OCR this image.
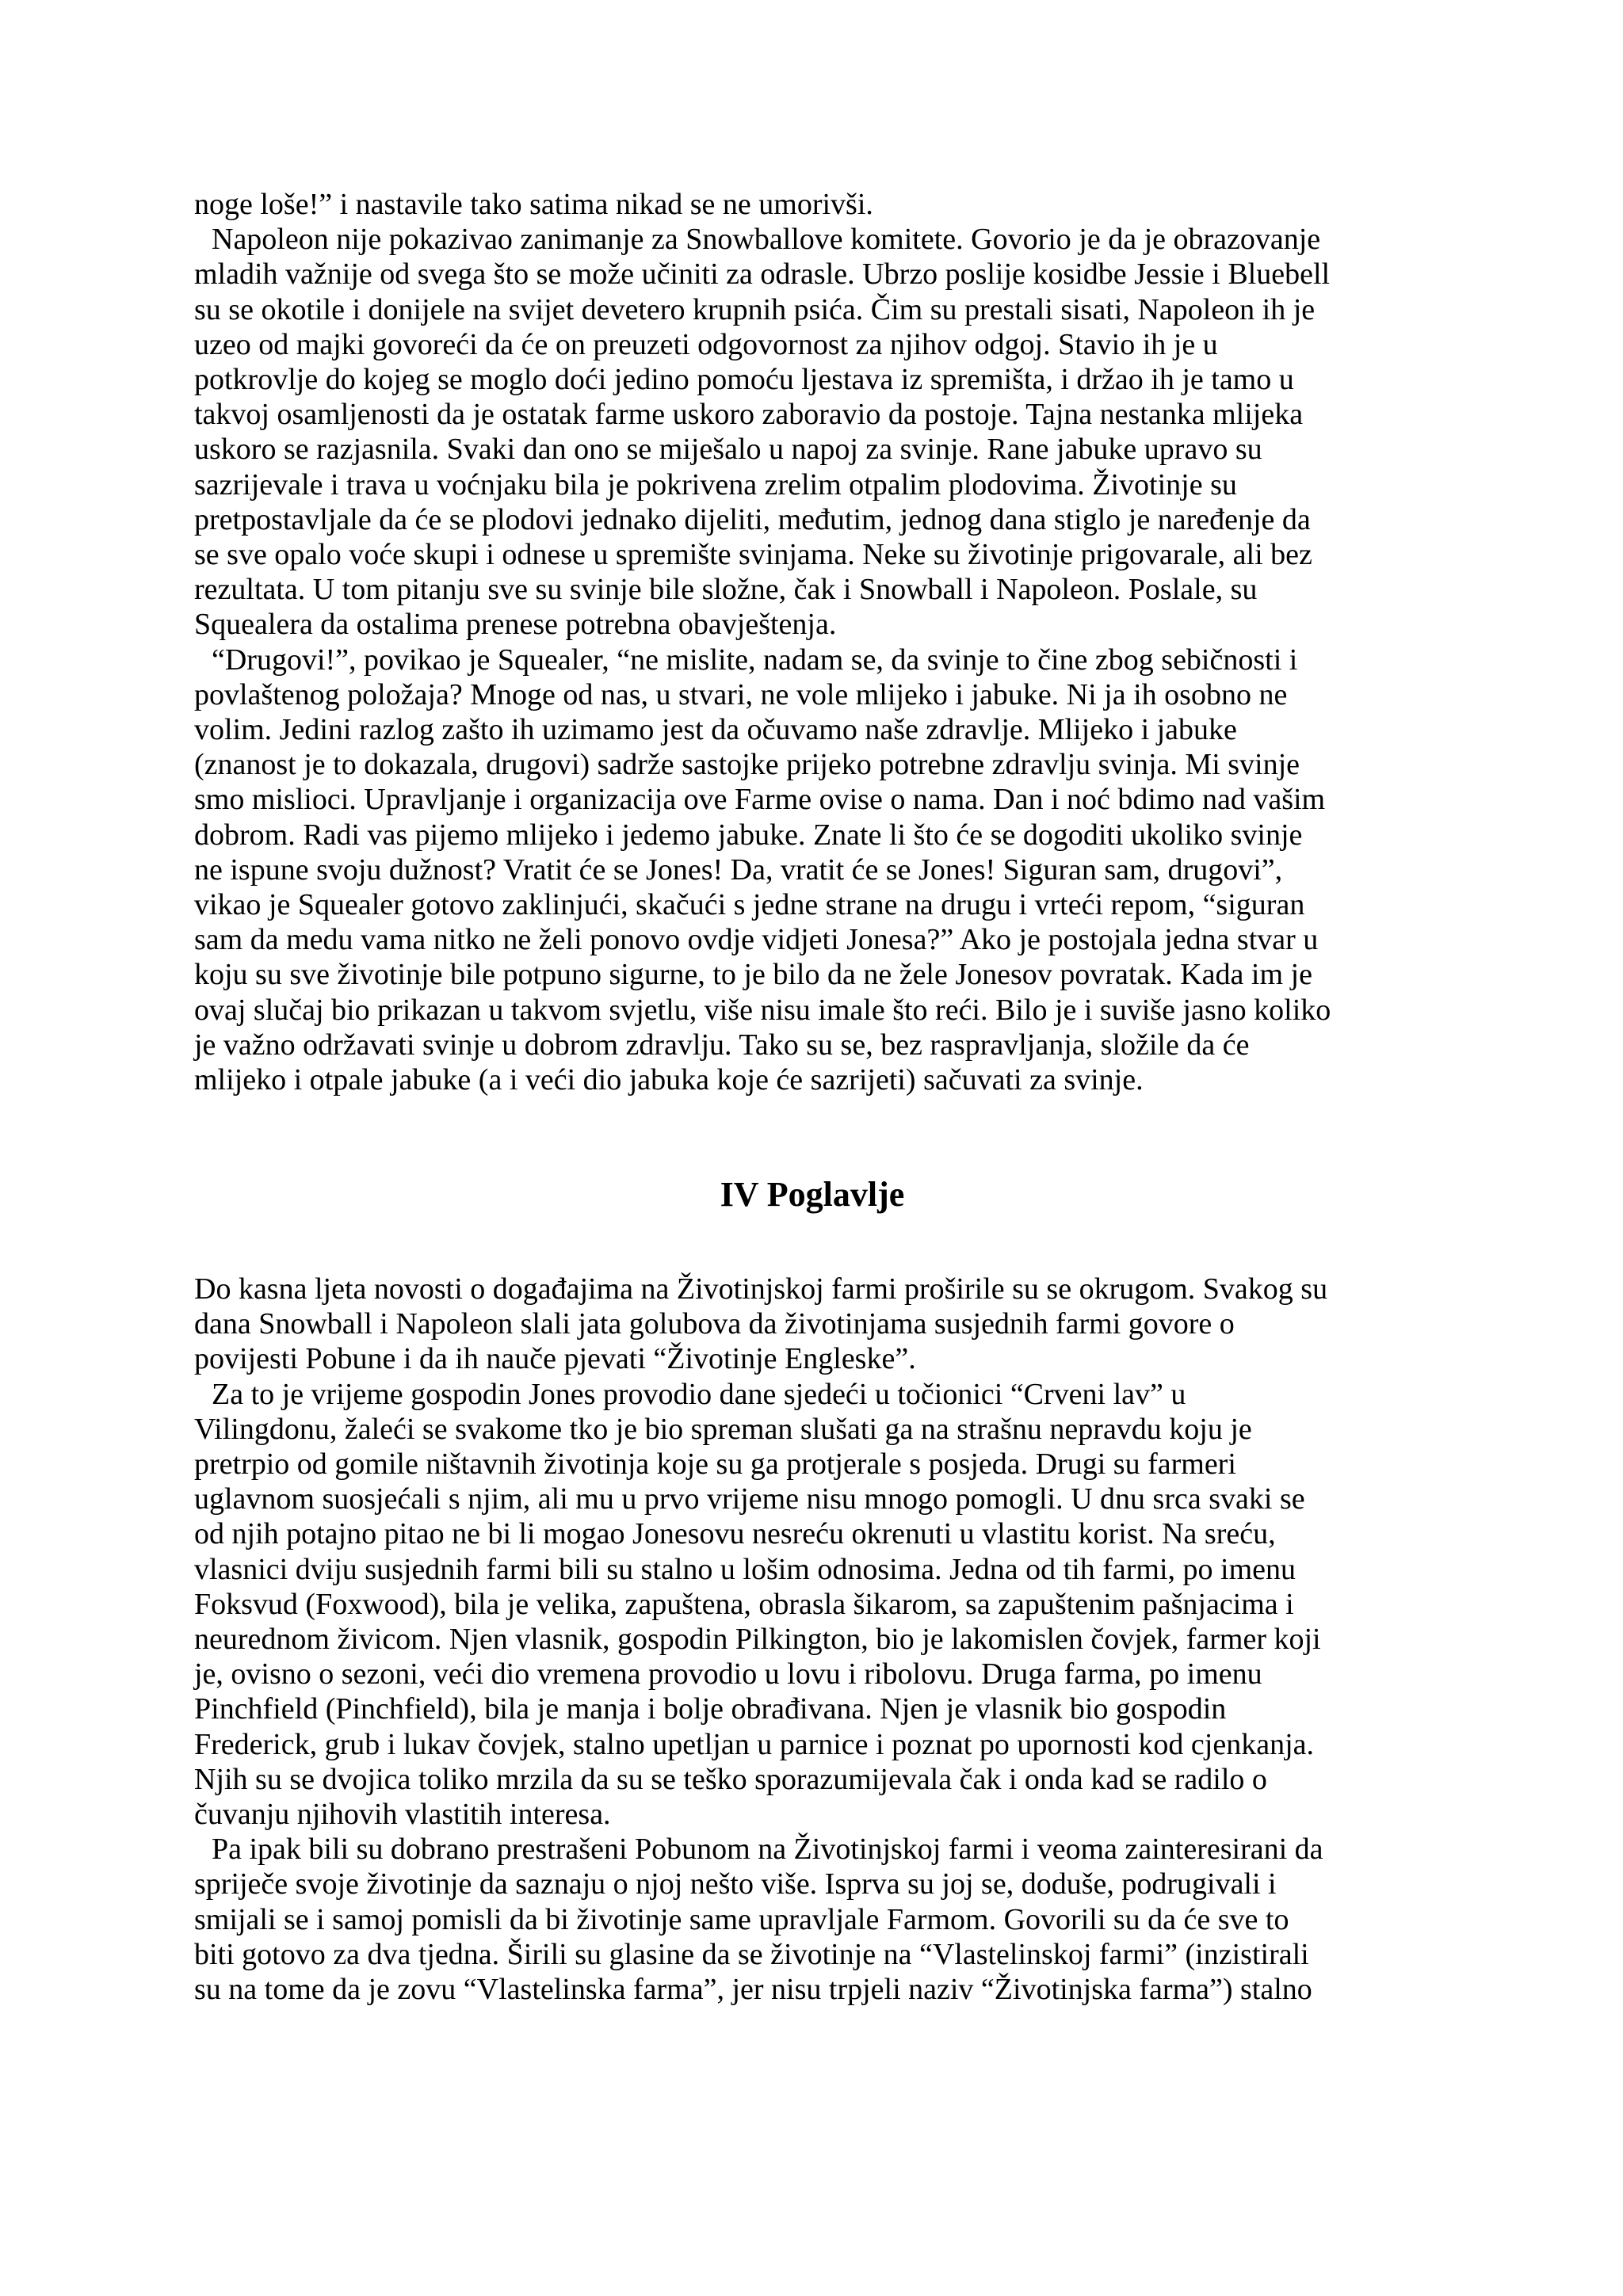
noge loše!” i nastavile tako satima nikad se ne umorivši.
Napoleon nije pokazivao zanimanje za Snowballove komitete. Govorio je da je obrazovanje
mladih važnije od svega što se može učiniti za odrasle. Ubrzo poslije kosidbe Jessie i Bluebell
su se okotile i donijele na svijet devetero krupnih psića. Čim su prestali sisati, Napoleon ih je
uzeo od majki govoreći da će on preuzeti odgovornost za njihov odgoj. Stavio ih je u
potkrovlje do kojeg se moglo doći jedino pomoću ljestava iz spremišta, i držao ih je tamo u
takvoj osamljenosti da je ostatak farme uskoro zaboravio da postoje. Tajna nestanka mlijeka
uskoro se razjasnila. Svaki dan ono se miješalo u napoj za svinje. Rane jabuke upravo su
sazrijevale i trava u voćnjaku bila je pokrivena zrelim otpalim plodovima. Životinje su
pretpostavljale da će se plodovi jednako dijeliti, međutim, jednog dana stiglo je naređenje da
se sve opalo voće skupi i odnese u spremište svinjama. Neke su životinje prigovarale, ali bez
rezultata. U tom pitanju sve su svinje bile složne, čak i Snowball i Napoleon. Poslale, su
Squealera da ostalima prenese potrebna obavještenja.
“Drugovi!”, povikao je Squealer, “ne mislite, nadam se, da svinje to čine zbog sebičnosti i
povlaštenog položaja? Mnoge od nas, u stvari, ne vole mlijeko i jabuke. Ni ja ih osobno ne
volim. Jedini razlog zašto ih uzimamo jest da očuvamo naše zdravlje. Mlijeko i jabuke
(znanost je to dokazala, drugovi) sadrže sastojke prijeko potrebne zdravlju svinja. Mi svinje
smo mislioci. Upravljanje i organizacija ove Farme ovise o nama. Dan i noć bdimo nad vašim
dobrom. Radi vas pijemo mlijeko i jedemo jabuke. Znate li što će se dogoditi ukoliko svinje
ne ispune svoju dužnost? Vratit će se Jones! Da, vratit će se Jones! Siguran sam, drugovi”,
vikao je Squealer gotovo zaklinjući, skačući s jedne strane na drugu i vrteći repom, “siguran
sam da medu vama nitko ne želi ponovo ovdje vidjeti Jonesa?” Ako je postojala jedna stvar u
koju su sve životinje bile potpuno sigurne, to je bilo da ne žele Jonesov povratak. Kada im je
ovaj slučaj bio prikazan u takvom svjetlu, više nisu imale što reći. Bilo je i suviše jasno koliko
je važno održavati svinje u dobrom zdravlju. Tako su se, bez raspravljanja, složile da će
mlijeko i otpale jabuke (a i veći dio jabuka koje će sazrijeti) sačuvati za svinje.
IV Poglavlje
Do kasna ljeta novosti o događajima na Životinjskoj farmi proširile su se okrugom. Svakog su
dana Snowball i Napoleon slali jata golubova da životinjama susjednih farmi govore o
povijesti Pobune i da ih nauče pjevati “Životinje Engleske”.
Za to je vrijeme gospodin Jones provodio dane sjedeći u točionici “Crveni lav” u
Vilingdonu, žaleći se svakome tko je bio spreman slušati ga na strašnu nepravdu koju je
pretrpio od gomile ništavnih životinja koje su ga protjerale s posjeda. Drugi su farmeri
uglavnom suosjećali s njim, ali mu u prvo vrijeme nisu mnogo pomogli. U dnu srca svaki se
od njih potajno pitao ne bi li mogao Jonesovu nesreću okrenuti u vlastitu korist. Na sreću,
vlasnici dviju susjednih farmi bili su stalno u lošim odnosima. Jedna od tih farmi, po imenu
Foksvud (Foxwood), bila je velika, zapuštena, obrasla šikarom, sa zapuštenim pašnjacima i
neurednom živicom. Njen vlasnik, gospodin Pilkington, bio je lakomislen čovjek, farmer koji
je, ovisno o sezoni, veći dio vremena provodio u lovu i ribolovu. Druga farma, po imenu
Pinchfield (Pinchfield), bila je manja i bolje obrađivana. Njen je vlasnik bio gospodin
Frederick, grub i lukav čovjek, stalno upetljan u parnice i poznat po upornosti kod cjenkanja.
Njih su se dvojica toliko mrzila da su se teško sporazumijevala čak i onda kad se radilo o
čuvanju njihovih vlastitih interesa.
Pa ipak bili su dobrano prestrašeni Pobunom na Životinjskoj farmi i veoma zainteresirani da
spriječe svoje životinje da saznaju o njoj nešto više. Isprva su joj se, doduše, podrugivali i
smijali se i samoj pomisli da bi životinje same upravljale Farmom. Govorili su da će sve to
biti gotovo za dva tjedna. Širili su glasine da se životinje na “Vlastelinskoj farmi” (inzistirali
su na tome da je zovu “Vlastelinska farma”, jer nisu trpjeli naziv “Životinjska farma”) stalno
